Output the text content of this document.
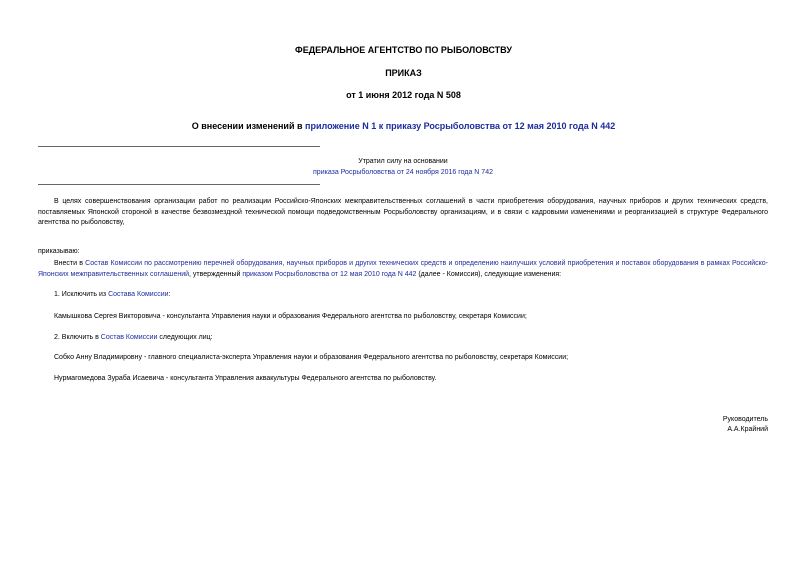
ФЕДЕРАЛЬНОЕ АГЕНТСТВО ПО РЫБОЛОВСТВУ
ПРИКАЗ
от 1 июня 2012 года N 508
О внесении изменений в приложение N 1 к приказу Росрыболовства от 12 мая 2010 года N 442
Утратил силу на основании
приказа Росрыболовства от 24 ноября 2016 года N 742
В целях совершенствования организации работ по реализации Российско-Японских межправительственных соглашений в части приобретения оборудования, научных приборов и других технических средств, поставляемых Японской стороной в качестве безвозмездной технической помощи подведомственным Росрыболовству организациям, и в связи с кадровыми изменениями и реорганизацией в структуре Федерального агентства по рыболовству,
приказываю:
Внести в Состав Комиссии по рассмотрению перечней оборудования, научных приборов и других технических средств и определению наилучших условий приобретения и поставок оборудования в рамках Российско-Японских межправительственных соглашений, утвержденный приказом Росрыболовства от 12 мая 2010 года N 442 (далее - Комиссия), следующие изменения:
1. Исключить из Состава Комиссии:
Камышкова Сергея Викторовича - консультанта Управления науки и образования Федерального агентства по рыболовству, секретаря Комиссии;
2. Включить в Состав Комиссии следующих лиц:
Собко Анну Владимировну - главного специалиста-эксперта Управления науки и образования Федерального агентства по рыболовству, секретаря Комиссии;
Нурмагомедова Зураба Исаевича - консультанта Управления аквакультуры Федерального агентства по рыболовству.
Руководитель
А.А.Крайний
